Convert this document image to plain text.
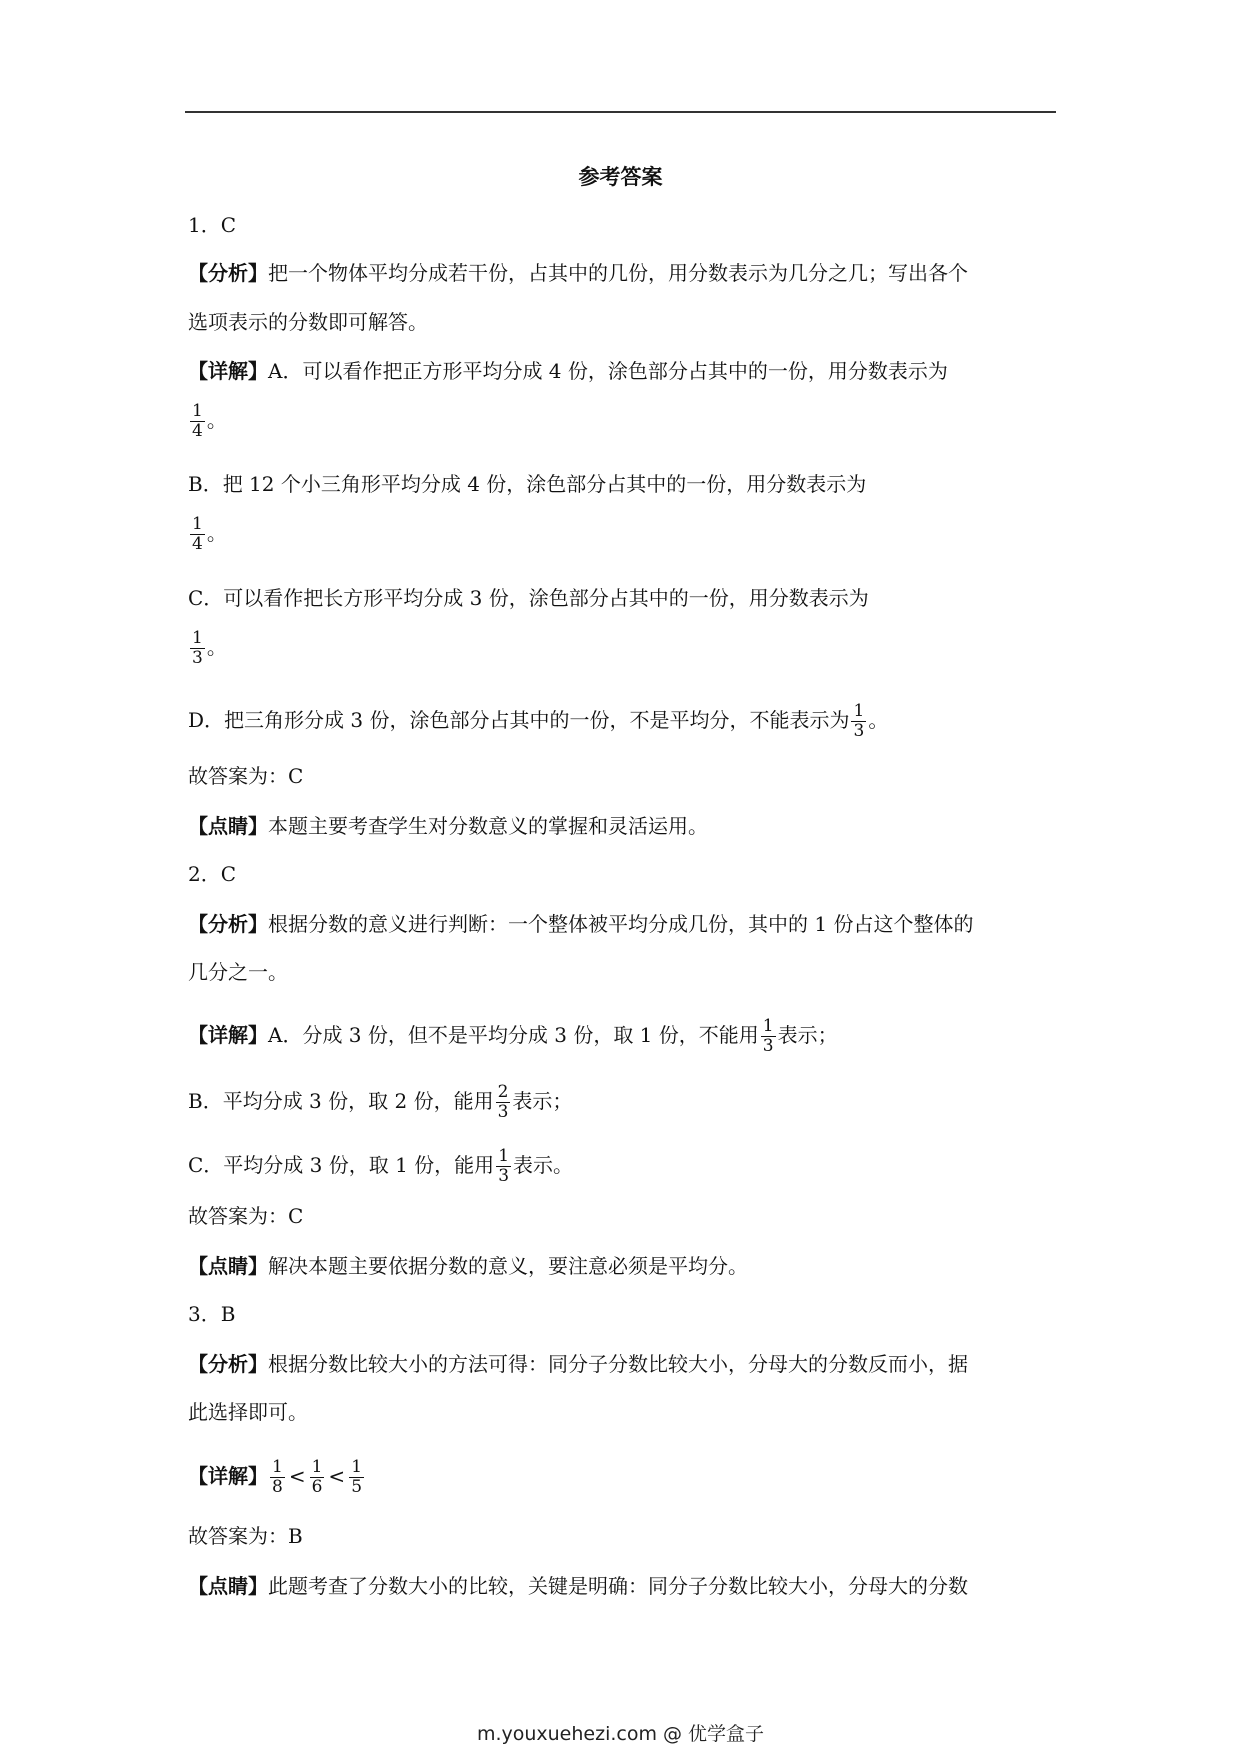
参考答案
1．C
【分析】把一个物体平均分成若干份，占其中的几份，用分数表示为几分之几；写出各个
选项表示的分数即可解答。
【详解】A．可以看作把正方形平均分成 4 份，涂色部分占其中的一份，用分数表示为
$\frac{1}{4}$ 。
B．把 12 个小三角形平均分成 4 份，涂色部分占其中的一份，用分数表示为
$\frac{1}{4}$ 。
C．可以看作把长方形平均分成 3 份，涂色部分占其中的一份，用分数表示为
$\frac{1}{3}$ 。
D．把三角形分成 3 份，涂色部分占其中的一份，不是平均分，不能表示为 $\frac{1}{3}$ 。
故答案为：C
【点睛】本题主要考查学生对分数意义的掌握和灵活运用。
2．C
【分析】根据分数的意义进行判断：一个整体被平均分成几份，其中的 1 份占这个整体的
几分之一。
【详解】A．分成 3 份，但不是平均分成 3 份，取 1 份，不能用 $\frac{1}{3}$ 表示；
B．平均分成 3 份，取 2 份，能用 $\frac{2}{3}$ 表示；
C．平均分成 3 份，取 1 份，能用 $\frac{1}{3}$ 表示。
故答案为：C
【点睛】解决本题主要依据分数的意义，要注意必须是平均分。
3．B
【分析】根据分数比较大小的方法可得：同分子分数比较大小，分母大的分数反而小，据
此选择即可。
【详解】 $\frac{1}{8} < \frac{1}{6} < \frac{1}{5}$
故答案为：B
【点睛】此题考查了分数大小的比较，关键是明确：同分子分数比较大小，分母大的分数
m.youxuehezi.com @ 优学盒子
